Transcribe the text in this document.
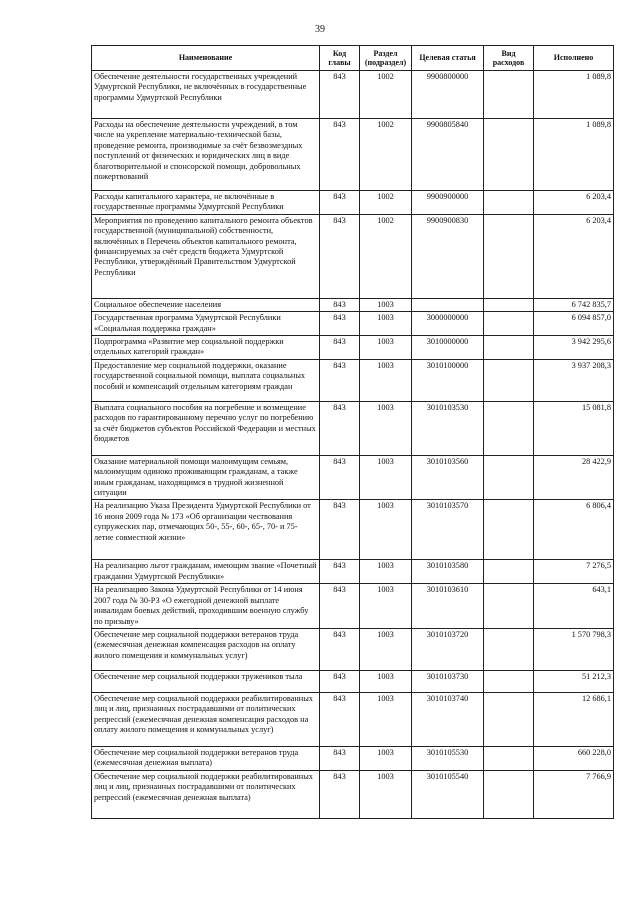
39
Наименование	Код главы	Раздел (подраздел)	Целевая статья	Вид расходов	Исполнено
Обеспечение деятельности государственных учреждений Удмуртской Республики, не включённых в государственные программы Удмуртской Республики	843	1002	9900800000		1 089,8
Расходы на обеспечение деятельности учреждений, в том числе на укрепление материально-технической базы, проведение ремонта, производимые за счёт безвозмездных поступлений от физических и юридических лиц в виде благотворительной и спонсорской помощи, добровольных пожертвований	843	1002	9900805840		1 089,8
Расходы капитального характера, не включённые в государственные программы Удмуртской Республики	843	1002	9900900000		6 203,4
Мероприятия по проведению капитального ремонта объектов государственной (муниципальной) собственности, включённых в Перечень объектов капитального ремонта, финансируемых за счёт средств бюджета Удмуртской Республики, утверждённый Правительством Удмуртской Республики	843	1002	9900900830		6 203,4
Социальное обеспечение населения	843	1003			6 742 835,7
Государственная программа Удмуртской Республики «Социальная поддержка граждан»	843	1003	3000000000		6 094 857,0
Подпрограмма «Развитие мер социальной поддержки отдельных категорий граждан»	843	1003	3010000000		3 942 295,6
Предоставление мер социальной поддержки, оказание государственной социальной помощи, выплата социальных пособий и компенсаций отдельным категориям граждан	843	1003	3010100000		3 937 208,3
Выплата социального пособия на погребение и возмещение расходов по гарантированному перечню услуг по погребению за счёт бюджетов субъектов Российской Федерации и местных бюджетов	843	1003	3010103530		15 081,8
Оказание материальной помощи малоимущим семьям, малоимущим одиноко проживающим гражданам, а также иным гражданам, находящимся в трудной жизненной ситуации	843	1003	3010103560		28 422,9
На реализацию Указа Президента Удмуртской Республики от 16 июня 2009 года № 173 «Об организации чествования супружеских пар, отмечающих 50-, 55-, 60-, 65-, 70- и 75-летие совместной жизни»	843	1003	3010103570		6 806,4
На реализацию льгот гражданам, имеющим звание «Почетный гражданин Удмуртской Республики»	843	1003	3010103580		7 276,5
На реализацию Закона Удмуртской Республики от 14 июня 2007 года № 30-РЗ «О ежегодной денежной выплате инвалидам боевых действий, проходившим военную службу по призыву»	843	1003	3010103610		643,1
Обеспечение мер социальной поддержки ветеранов труда (ежемесячная денежная компенсация расходов на оплату жилого помещения и коммунальных услуг)	843	1003	3010103720		1 570 798,3
Обеспечение мер социальной поддержки тружеников тыла	843	1003	3010103730		51 212,3
Обеспечение мер социальной поддержки реабилитированных лиц и лиц, признанных пострадавшими от политических репрессий (ежемесячная денежная компенсация расходов на оплату жилого помещения и коммунальных услуг)	843	1003	3010103740		12 686,1
Обеспечение мер социальной поддержки ветеранов труда (ежемесячная денежная выплата)	843	1003	3010105530		660 228,0
Обеспечение мер социальной поддержки реабилитированных лиц и лиц, признанных пострадавшими от политических репрессий (ежемесячная денежная выплата)	843	1003	3010105540		7 766,9
